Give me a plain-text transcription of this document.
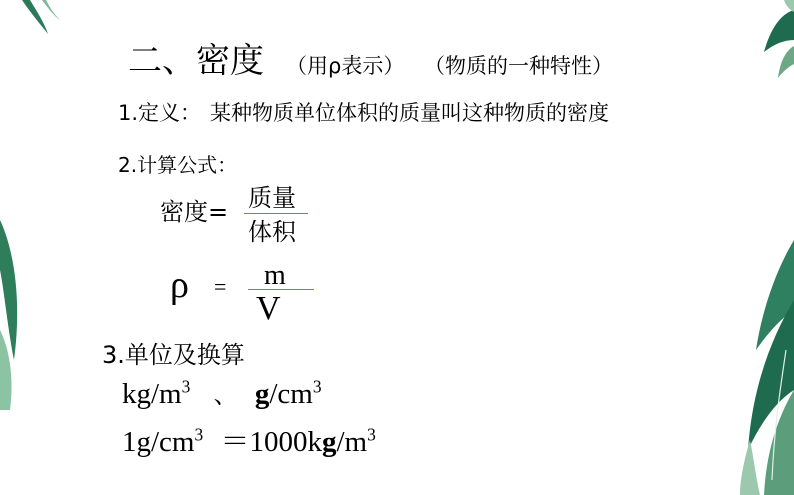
二、密度 （用ρ表示） （物质的一种特性）
1.定义： 某种物质单位体积的质量叫这种物质的密度
2.计算公式：
密度= 质量
体积
ρ = m
V
3.单位及换算
$kg/m^3$ 、 $g/cm^3$
$1g/cm^3 =1000kg/m^3$
